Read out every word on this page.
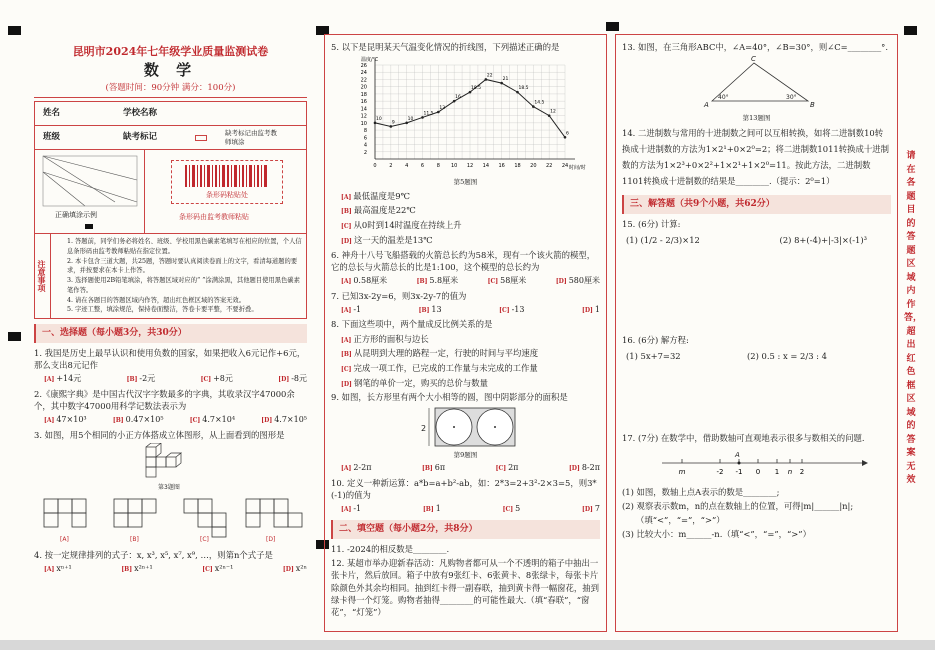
昆明市2024年七年级学业质量监测试卷
数 学
(答题时间：90分钟 满分：100分)
姓名	学校名称
班级	缺考标记	缺考标记由监考教师填涂
正确填涂示例
条形码粘贴处
条形码由监考教师粘贴
注意事项
1. 答题前，同学们务必将姓名、班级、学校用黑色碳素笔填写在相应的位置，个人信息条形码由监考教师粘贴在指定位置。
2. 本卡包含三道大题，共25题，答题时要认真阅读卷面上的文字，看清每道题的要求，并按要求在本卡上作答。
3. 选择题使用2B铅笔填涂，将答题区域对应的“ ”涂满涂黑，其他题目使用黑色碳素笔作答。
4. 请在各题目的答题区域内作答，超出红色框区域的答案无效。
5. 字迹工整，填涂规范，保持卷面整洁，答卷卡要平整，不要折叠。
一、选择题（每小题3分，共30分）
1. 我国是历史上最早认识和使用负数的国家，如果把收入6元记作+6元，那么支出8元记作
[A] +14元	[B] -2元	[C] +8元	[D] -8元
2.《康熙字典》是中国古代汉字字数最多的字典，其收录汉字47000余个，其中数字47000用科学记数法表示为
[A] 47×10³	[B] 0.47×10⁵	[C] 4.7×10⁴	[D] 4.7×10⁵
3. 如图，用5个相同的小正方体搭成立体图形，从上面看到的图形是
第3题图
[A]	[B]	[C]	[D]
4. 按一定规律排列的式子：x, x³, x⁵, x⁷, x⁹, …，则第n个式子是
[A] xⁿ⁺¹	[B] x²ⁿ⁺¹	[C] x²ⁿ⁻¹	[D] x²ⁿ
5. 以下是昆明某天气温变化情况的折线图，下列描述正确的是
温度/℃
时间/时
2
4
6
8
10
12
14
16
18
20
22
24
26
0	2	4	6	8 10 12 14 16 18 20 22 24
10
9
10
11.5
13
16
18.5
22
21
18.5
14.5
12
6
第5题图
[A] 最低温度是9℃
[B] 最高温度是22℃
[C] 从0时到14时温度在持续上升
[D] 这一天的温差是13℃
6. 神舟十八号飞船搭载的火箭总长约为58米，现有一个该火箭的模型，它的总长与火箭总长的比是1:100，这个模型的总长约为
[A] 0.58厘米	[B] 5.8厘米	[C] 58厘米	[D] 580厘米
7. 已知3x-2y=6，则3x-2y-7的值为
[A] -1	[B] 13	[C] -13	[D] 1
8. 下面这些项中，两个量成反比例关系的是
[A] 正方形的面积与边长
[B] 从昆明到大理的路程一定，行驶的时间与平均速度
[C] 完成一项工作，已完成的工作量与未完成的工作量
[D] 钢笔的单价一定，购买的总价与数量
9. 如图，长方形里有两个大小相等的圆，图中阴影部分的面积是
2
第9题图
[A] 2-2π	[B] 6π	[C] 2π	[D] 8-2π
10. 定义一种新运算：a*b=a+b²-ab，如：2*3=2+3²-2×3=5，则3*(-1)的值为
[A] -1	[B] 1	[C] 5	[D] 7
二、填空题（每小题2分，共8分）
11. -2024的相反数是________.
12. 某超市举办迎新春活动：凡购物者都可从一个不透明的箱子中抽出一张卡片，然后放回。箱子中放有9张红卡、6张黄卡、8张绿卡，每张卡片除颜色外其余均相同。抽到红卡得一副春联，抽到黄卡得一幅窗花，抽到绿卡得一个灯笼。购物者抽得________的可能性最大.（填“春联”，“窗花”，“灯笼”）
13. 如图，在三角形ABC中，∠A=40°，∠B=30°，则∠C=________°.
C
A	B
40°	30°
第13题图
14. 二进制数与常用的十进制数之间可以互相转换，如将二进制数10转换成十进制数的方法为1×2¹+0×2⁰=2；将二进制数1011转换成十进制数的方法为1×2³+0×2²+1×2¹+1×2⁰=11。按此方法，二进制数1101转换成十进制数的结果是________.（提示：2⁰=1）
三、解答题（共9个小题，共62分）
15. (6分) 计算:
(1) (1/2 - 2/3)×12	(2) 8+(-4)+|-3|×(-1)³
16. (6分) 解方程:
(1) 5x+7=32	(2) 0.5 : x = 2/3 : 4
17. (7分) 在数学中，借助数轴可直观地表示很多与数相关的问题.
m	-2 -1 0 1 n 2
A
(1) 如图，数轴上点A表示的数是________;
(2) 观察表示数m，n的点在数轴上的位置，可得|m|______|n|;
（填“<”，“=”，“>”）
(3) 比较大小：m______-n.（填“<”，“=”，“>”）
请在各题目的答题区域内作答，超出红色框区域的答案无效
